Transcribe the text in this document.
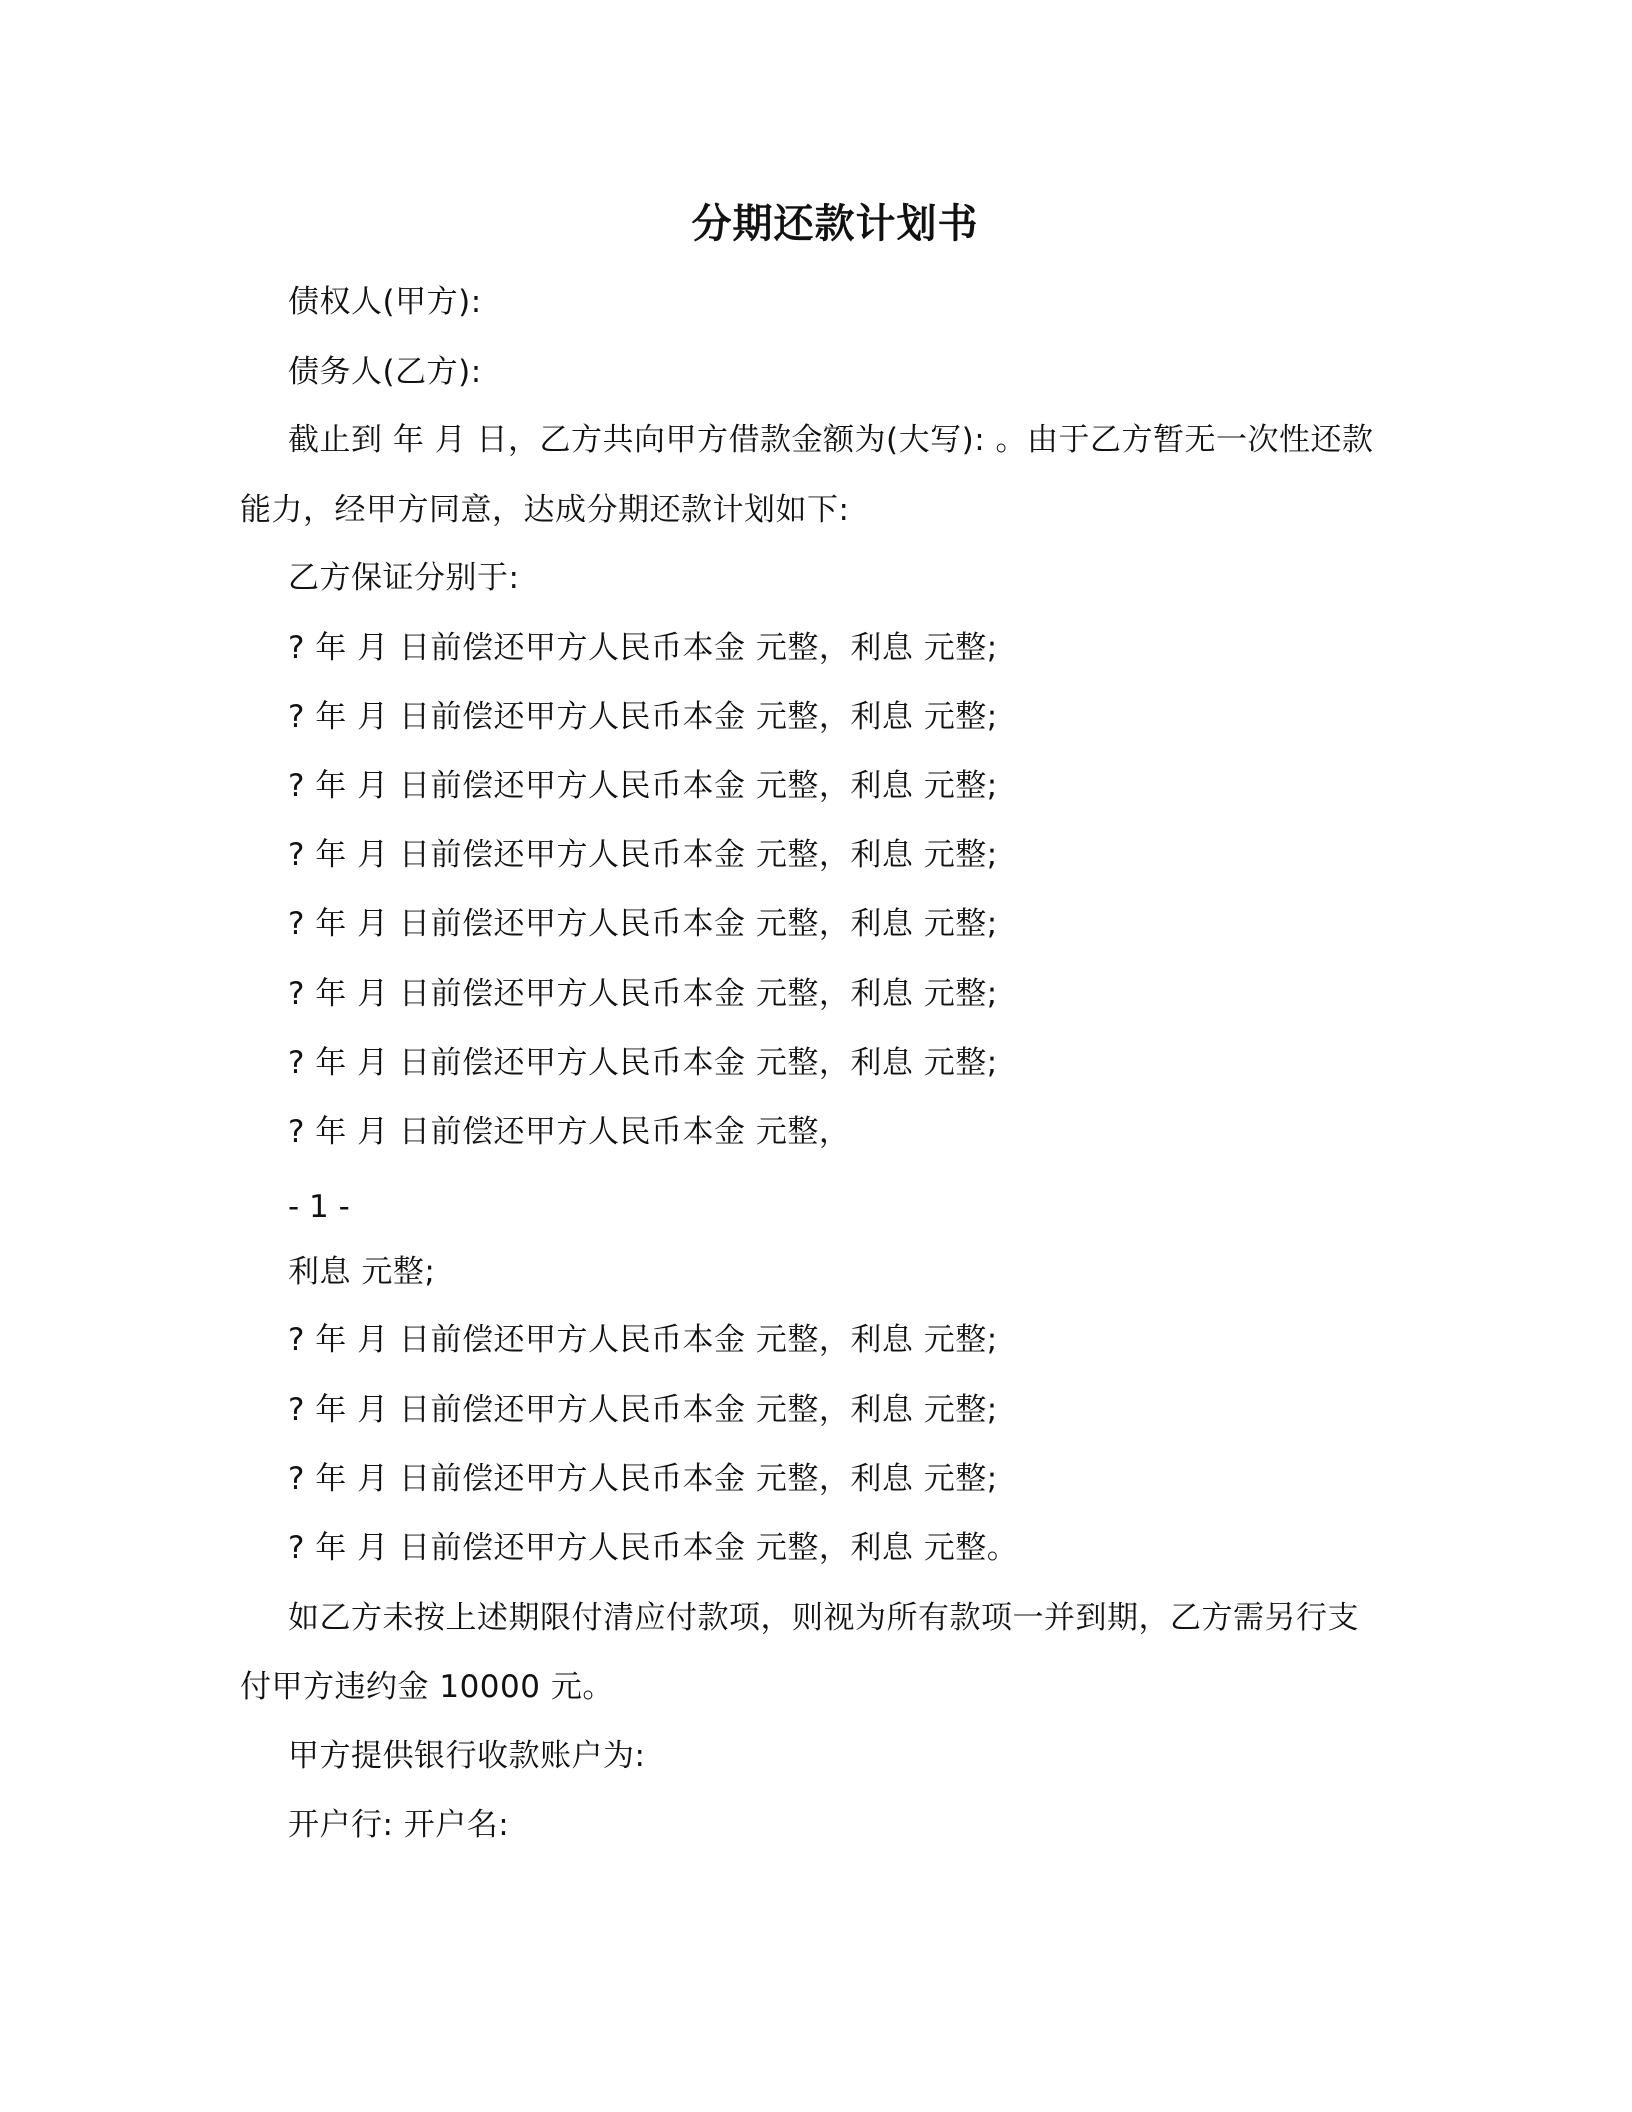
分期还款计划书

债权人(甲方):

债务人(乙方):

截止到 年 月 日，乙方共向甲方借款金额为(大写): 。由于乙方暂无一次性还款

能力，经甲方同意，达成分期还款计划如下:

乙方保证分别于:

? 年 月 日前偿还甲方人民币本金 元整，利息 元整;

? 年 月 日前偿还甲方人民币本金 元整，利息 元整;

? 年 月 日前偿还甲方人民币本金 元整，利息 元整;

? 年 月 日前偿还甲方人民币本金 元整，利息 元整;

? 年 月 日前偿还甲方人民币本金 元整，利息 元整;

? 年 月 日前偿还甲方人民币本金 元整，利息 元整;

? 年 月 日前偿还甲方人民币本金 元整，利息 元整;

? 年 月 日前偿还甲方人民币本金 元整，

- 1 -

利息 元整;

? 年 月 日前偿还甲方人民币本金 元整，利息 元整;

? 年 月 日前偿还甲方人民币本金 元整，利息 元整;

? 年 月 日前偿还甲方人民币本金 元整，利息 元整;

? 年 月 日前偿还甲方人民币本金 元整，利息 元整。

如乙方未按上述期限付清应付款项，则视为所有款项一并到期，乙方需另行支

付甲方违约金 10000 元。

甲方提供银行收款账户为:

开户行: 开户名:
